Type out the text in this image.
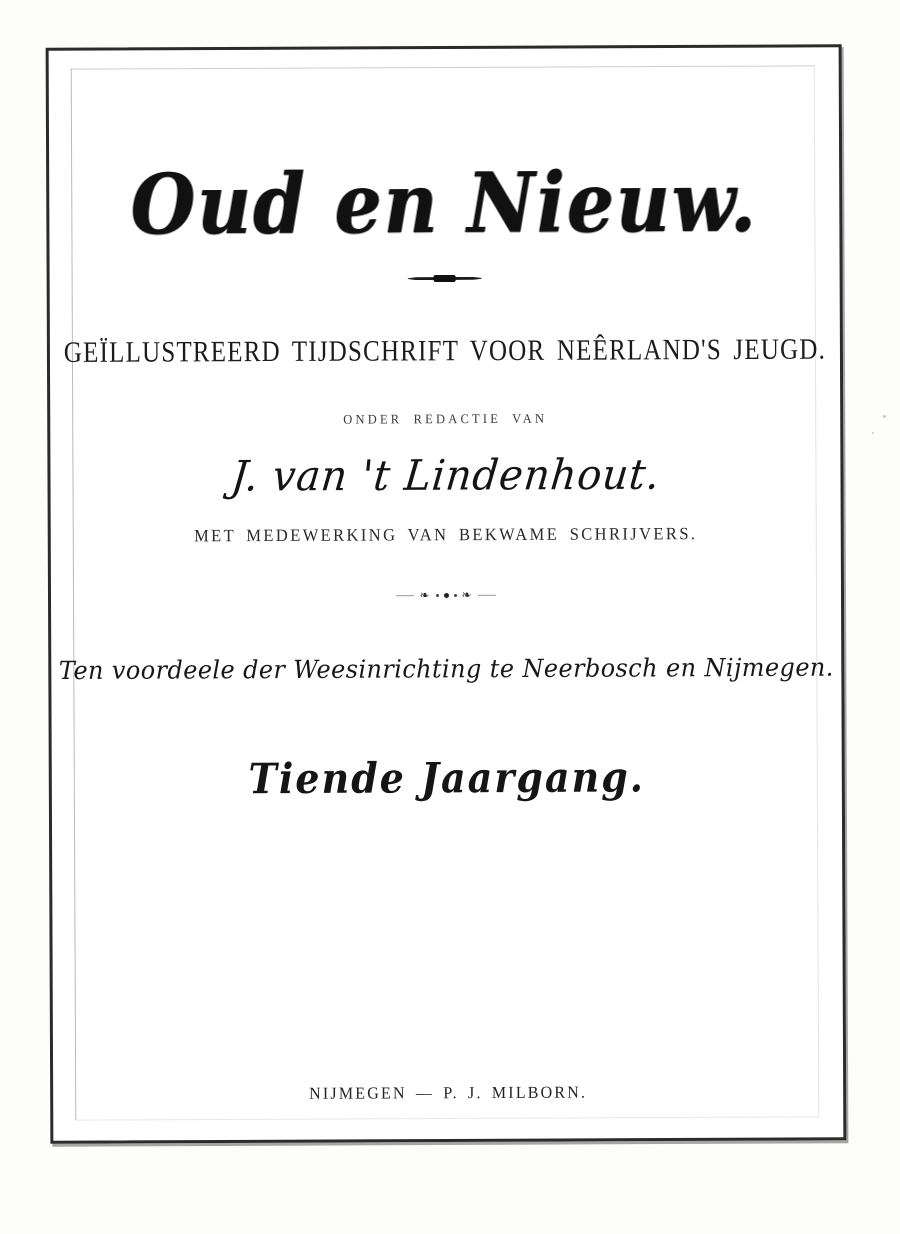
Oud en Nieuw.
GEÏLLUSTREERD TIJDSCHRIFT VOOR NEÊRLAND'S JEUGD.
ONDER REDACTIE VAN
J. van 't Lindenhout.
MET MEDEWERKING VAN BEKWAME SCHRIJVERS.
❧	❧
Ten voordeele der Weesinrichting te Neerbosch en Nijmegen.
Tiende Jaargang.
NIJMEGEN — P. J. MILBORN.
